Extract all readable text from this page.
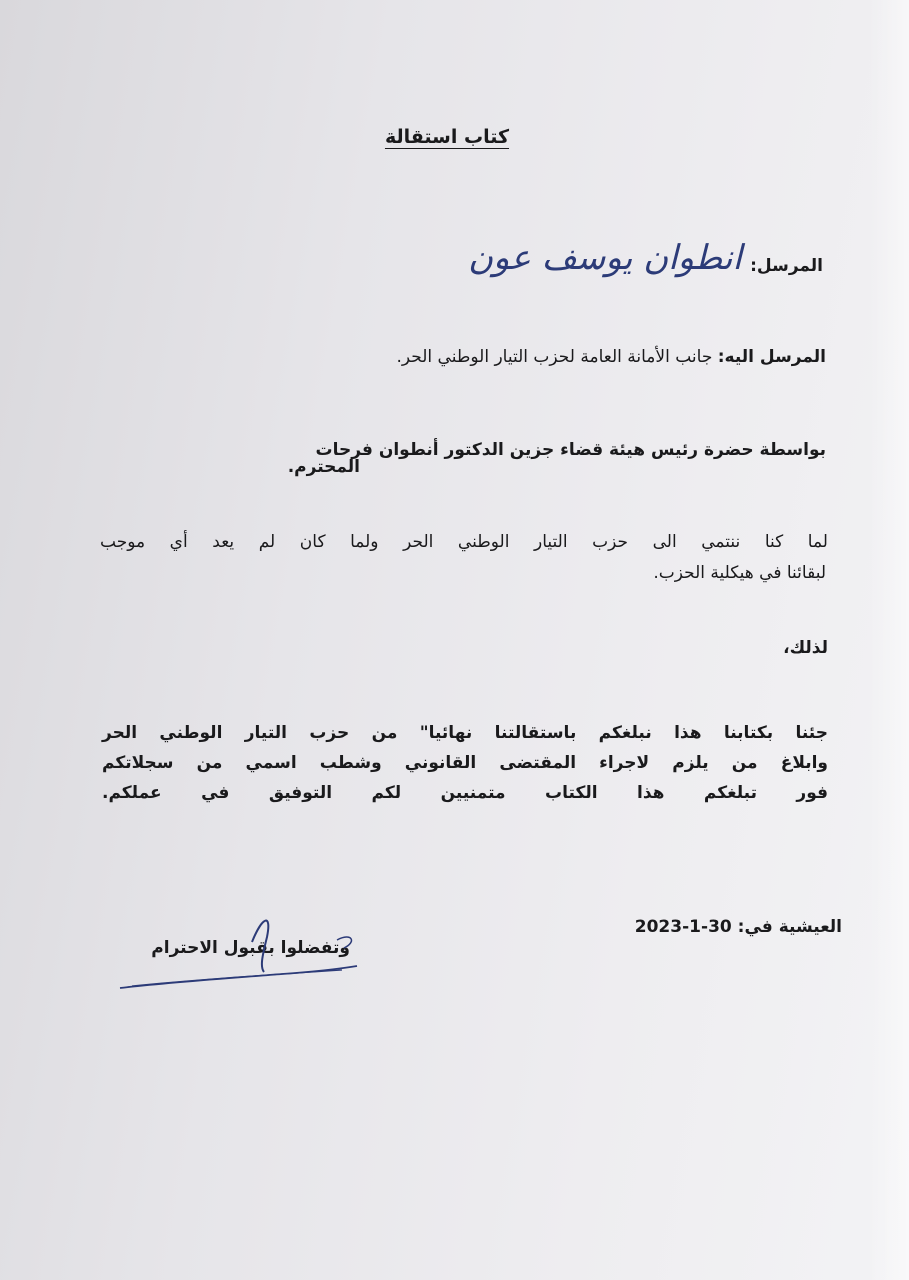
كتاب استقالة
المرسل:
انطوان يوسف عون
المرسل اليه: جانب الأمانة العامة لحزب التيار الوطني الحر.
بواسطة حضرة رئيس هيئة قضاء جزين الدكتور أنطوان فرحات
المحترم.
لما كنا ننتمي الى حزب التيار الوطني الحر ولما كان لم يعد أي موجب
لبقائنا في هيكلية الحزب.
لذلك،
جئنا بكتابنا هذا نبلغكم باستقالتنا نهائيا" من حزب التيار الوطني الحر
وابلاغ من يلزم لاجراء المقتضى القانوني وشطب اسمي من سجلاتكم
فور تبلغكم هذا الكتاب متمنيين لكم التوفيق في عملكم.
العيشية في: 30-1-2023
وتفضلوا بقبول الاحترام
